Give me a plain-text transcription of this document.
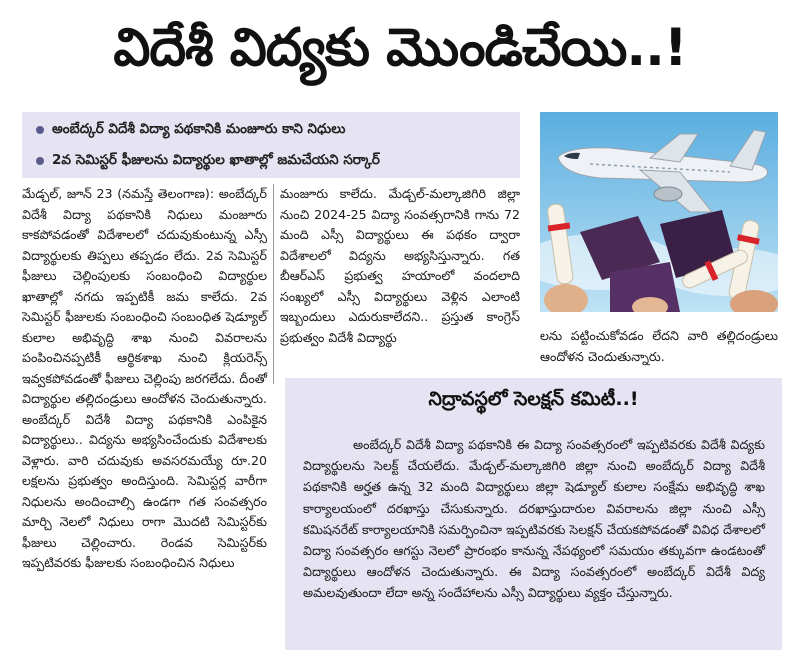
విదేశీ విద్యకు మొండిచేయి..!
అంబేద్కర్ విదేశీ విద్యా పథకానికి మంజూరు కాని నిధులు
2వ సెమిస్టర్ ఫీజులను విద్యార్థుల ఖాతాల్లో జమచేయని సర్కార్

మేడ్చల్, జూన్ 23 (నమస్తే తెలంగాణ): అంబేద్కర్ విదేశీ విద్యా పథకానికి నిధులు మంజూరు కాకపోవడంతో విదేశాలలో చదువుకుంటున్న ఎస్సీ విద్యార్థులకు తిప్పలు తప్పడం లేదు. 2వ సెమిస్టర్ ఫీజులు చెల్లింపులకు సంబంధించి విద్యార్థుల ఖాతాల్లో నగదు ఇప్పటికీ జమ కాలేదు. 2వ సెమిస్టర్ ఫీజులకు సంబంధించి సంబంధిత షెడ్యూల్ కులాల అభివృద్ధి శాఖ నుంచి వివరాలను పంపించినప్పటికీ ఆర్థికశాఖ నుంచి క్లియరెన్స్ ఇవ్వకపోవడంతో ఫీజులు చెల్లింపు జరగలేదు. దీంతో విద్యార్థుల తల్లిదండ్రులు ఆందోళన చెందుతున్నారు. అంబేద్కర్ విదేశీ విద్యా పథకానికి ఎంపికైన విద్యార్థులు.. విద్యను అభ్యసించేందుకు విదేశాలకు వెళ్లారు. వారి చదువుకు అవసరమయ్యే రూ.20 లక్షలను ప్రభుత్వం అందిస్తుంది. సెమిస్టర్ల వారీగా నిధులను అందించాల్సి ఉండగా గత సంవత్సరం మార్చి నెలలో నిధులు రాగా మొదటి సెమిస్టర్‌కు ఫీజులు చెల్లించారు. రెండవ సెమిస్టర్‌కు ఇప్పటివరకు ఫీజులకు సంబంధించిన నిధులు

మంజూరు కాలేదు. మేడ్చల్-మల్కాజిగిరి జిల్లా నుంచి 2024-25 విద్యా సంవత్సరానికి గాను 72 మంది ఎస్సీ విద్యార్థులు ఈ పథకం ద్వారా విదేశాలలో విద్యను అభ్యసిస్తున్నారు. గత బీఆర్ఎస్ ప్రభుత్వ హయాంలో వందలాది సంఖ్యలో ఎస్సీ విద్యార్థులు వెళ్లిన ఎలాంటి ఇబ్బందులు ఎదురుకాలేదని.. ప్రస్తుత కాంగ్రెస్ ప్రభుత్వం విదేశీ విద్యార్థు	లను పట్టించుకోవడం లేదని వారి తల్లిదండ్రులు ఆందోళన చెందుతున్నారు.

నిద్రావస్థలో సెలక్షన్ కమిటీ..!
అంబేద్కర్ విదేశీ విద్యా పథకానికి ఈ విద్యా సంవత్సరంలో ఇప్పటివరకు విదేశీ విద్యకు విద్యార్థులను సెలక్ట్ చేయలేదు. మేడ్చల్-మల్కాజిగిరి జిల్లా నుంచి అంబేద్కర్ విద్యా విదేశీ పథకానికి అర్హత ఉన్న 32 మంది విద్యార్థులు జిల్లా షెడ్యూల్ కులాల సంక్షేమ అభివృద్ధి శాఖ కార్యాలయంలో దరఖాస్తు చేసుకున్నారు. దరఖాస్తుదారుల వివరాలను జిల్లా నుంచి ఎస్సీ కమిషనరేట్ కార్యాలయానికి సమర్పించినా ఇప్పటివరకు సెలక్షన్ చేయకపోవడంతో వివిధ దేశాలలో విద్యా సంవత్సరం ఆగస్టు నెలలో ప్రారంభం కానున్న నేపథ్యంలో సమయం తక్కువగా ఉండటంతో విద్యార్థులు ఆందోళన చెందుతున్నారు. ఈ విద్యా సంవత్సరంలో అంబేద్కర్ విదేశీ విద్య అమలవుతుందా లేదా అన్న సందేహాలను ఎస్సీ విద్యార్థులు వ్యక్తం చేస్తున్నారు.
